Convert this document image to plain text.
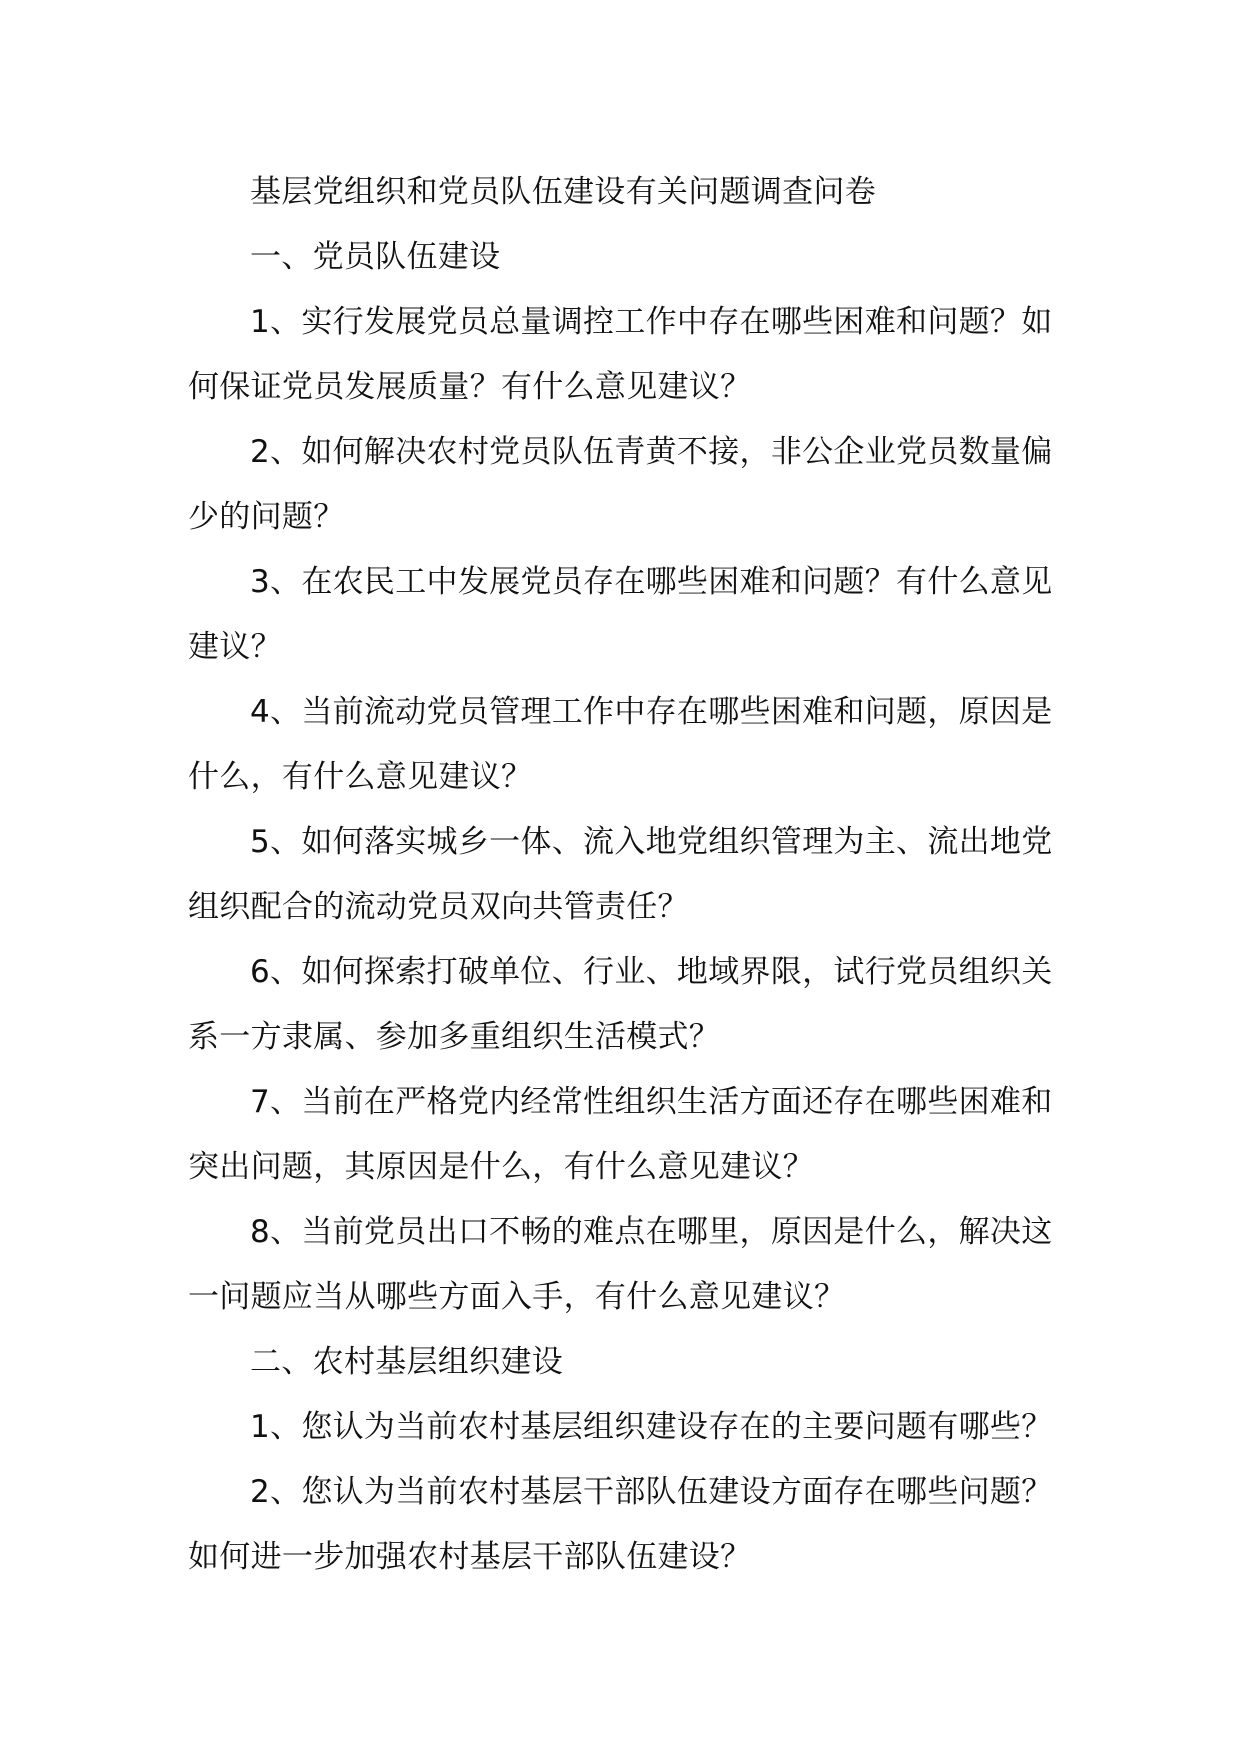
基层党组织和党员队伍建设有关问题调查问卷

一、党员队伍建设

1、实行发展党员总量调控工作中存在哪些困难和问题？如何保证党员发展质量？有什么意见建议？

2、如何解决农村党员队伍青黄不接，非公企业党员数量偏少的问题？

3、在农民工中发展党员存在哪些困难和问题？有什么意见建议？

4、当前流动党员管理工作中存在哪些困难和问题，原因是什么，有什么意见建议？

5、如何落实城乡一体、流入地党组织管理为主、流出地党组织配合的流动党员双向共管责任？

6、如何探索打破单位、行业、地域界限，试行党员组织关系一方隶属、参加多重组织生活模式？

7、当前在严格党内经常性组织生活方面还存在哪些困难和突出问题，其原因是什么，有什么意见建议？

8、当前党员出口不畅的难点在哪里，原因是什么，解决这一问题应当从哪些方面入手，有什么意见建议？

二、农村基层组织建设

1、您认为当前农村基层组织建设存在的主要问题有哪些？

2、您认为当前农村基层干部队伍建设方面存在哪些问题？如何进一步加强农村基层干部队伍建设？
